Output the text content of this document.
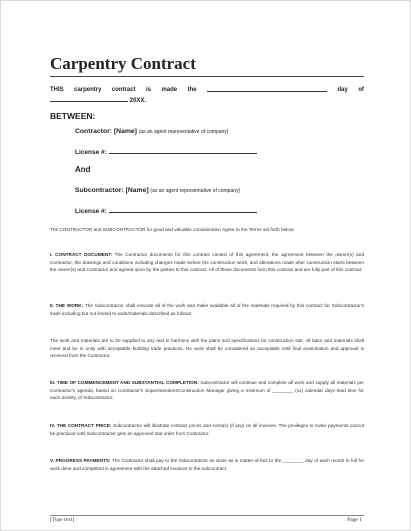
Carpentry Contract
THIS carpentry contract is made the	day of
20XX.
BETWEEN:
Contractor: [Name] (as an agent representative of company)
License #:
And
Subcontractor: [Name] (as an agent representative of company)
License #:
The CONTRACTOR and SUBCONTRACTOR for good and valuable consideration Agree to the Terms set forth below.
I. CONTRACT DOCUMENT: The Contractor documents for this contract consist of this agreement, the agreement between the owner(s) and Contractor, the drawings and conditions including changes made before the construction work, and alterations made after construction starts between the owner(s) and Contractor and agreed upon by the parties to this contract. All of these documents form this contract and are fully part of this contract.
II. THE WORK: The Subcontractor shall execute all of the work and make available all of the materials required by this contract for Subcontractor's trade including but not limited to work/materials described as follows:
The work and materials are to be supplied to any and in harmony with the plans and specifications for construction site. All labor and materials shall meet and be in unity with acceptable building trade practices. No work shall be considered as acceptable until final examination and approval is received from the Contractor.
III. TIME OF COMMENCEMENT AND SUBSTANTIAL COMPLETION: Subcontractor will continue and complete all work and supply all materials per Contractor's agenda, based on Contractor's Superintendent/Construction Manager giving a minimum of ________ (xx) calendar days lead time for each activity, of Subcontractor.
IV. THE CONTRACT PRICE: Subcontractor will illustrate contract prices and extra(s) (if any) on all invoices. The privileges to make payments cannot be practiced until Subcontractor gets an approved stat order from Contractor.
V. PROGRESS PAYMENTS: The Contractor shall pay to the Subcontractor as close as is matter-of-fact to the ________ day of each month in full for work done and completed in agreement with the attached invoices to the subcontract.
[Type text]	Page 1
